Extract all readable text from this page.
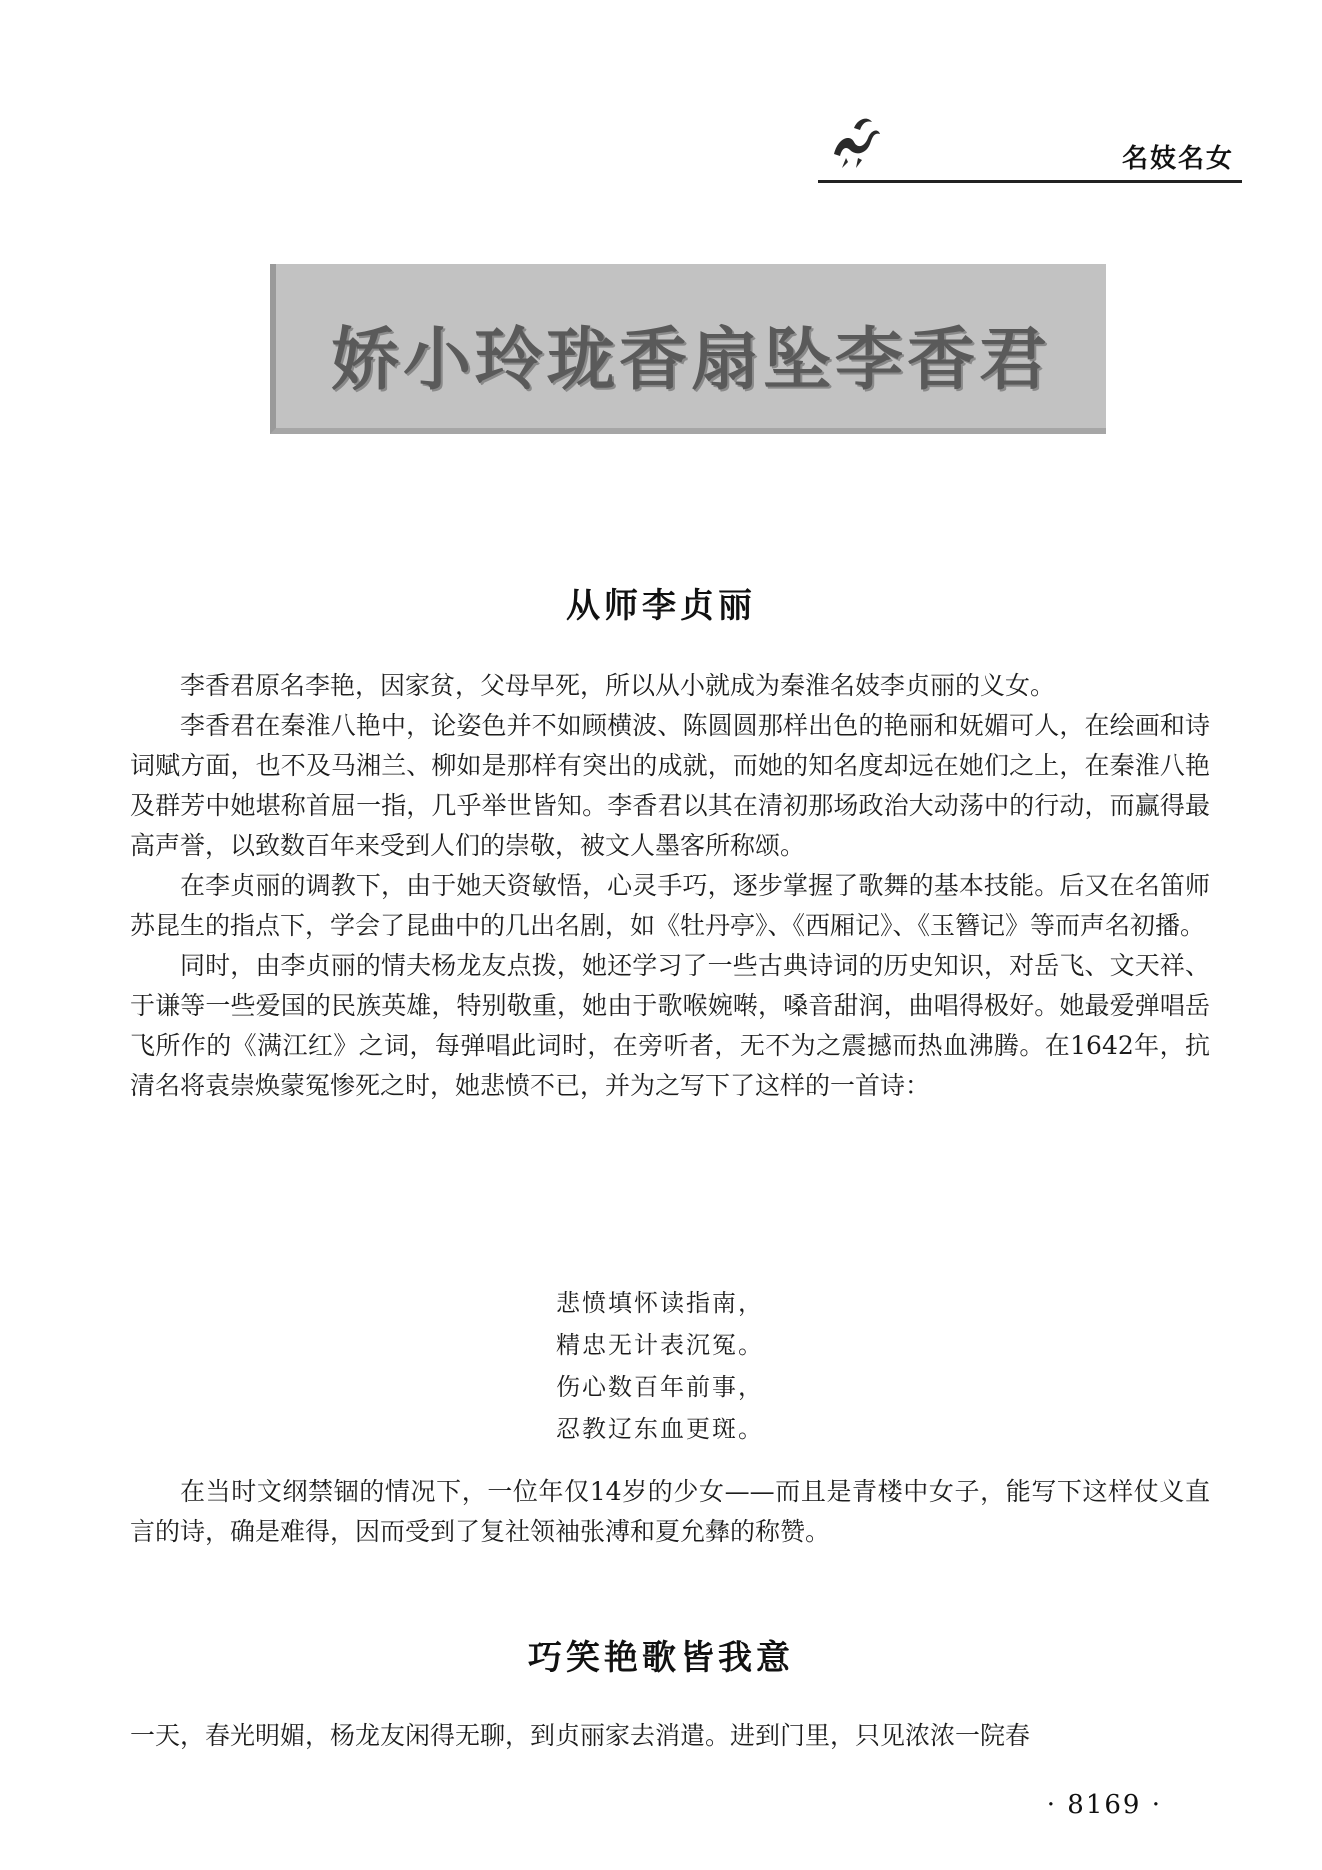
名妓名女
娇小玲珑香扇坠李香君
从师李贞丽

李香君原名李艳，因家贫，父母早死，所以从小就成为秦淮名妓李贞丽的义女。

李香君在秦淮八艳中，论姿色并不如顾横波、陈圆圆那样出色的艳丽和妩媚可人，在绘画和诗词赋方面，也不及马湘兰、柳如是那样有突出的成就，而她的知名度却远在她们之上，在秦淮八艳及群芳中她堪称首屈一指，几乎举世皆知。李香君以其在清初那场政治大动荡中的行动，而赢得最高声誉，以致数百年来受到人们的崇敬，被文人墨客所称颂。

在李贞丽的调教下，由于她天资敏悟，心灵手巧，逐步掌握了歌舞的基本技能。后又在名笛师苏昆生的指点下，学会了昆曲中的几出名剧，如《牡丹亭》、《西厢记》、《玉簪记》等而声名初播。

同时，由李贞丽的情夫杨龙友点拨，她还学习了一些古典诗词的历史知识，对岳飞、文天祥、于谦等一些爱国的民族英雄，特别敬重，她由于歌喉婉啭，嗓音甜润，曲唱得极好。她最爱弹唱岳飞所作的《满江红》之词，每弹唱此词时，在旁听者，无不为之震撼而热血沸腾。在1642年，抗清名将袁崇焕蒙冤惨死之时，她悲愤不已，并为之写下了这样的一首诗：

悲愤填怀读指南，
精忠无计表沉冤。
伤心数百年前事，
忍教辽东血更斑。

在当时文纲禁锢的情况下，一位年仅14岁的少女——而且是青楼中女子，能写下这样仗义直言的诗，确是难得，因而受到了复社领袖张溥和夏允彝的称赞。

巧笑艳歌皆我意

一天，春光明媚，杨龙友闲得无聊，到贞丽家去消遣。进到门里，只见浓浓一院春

· 8169 ·
